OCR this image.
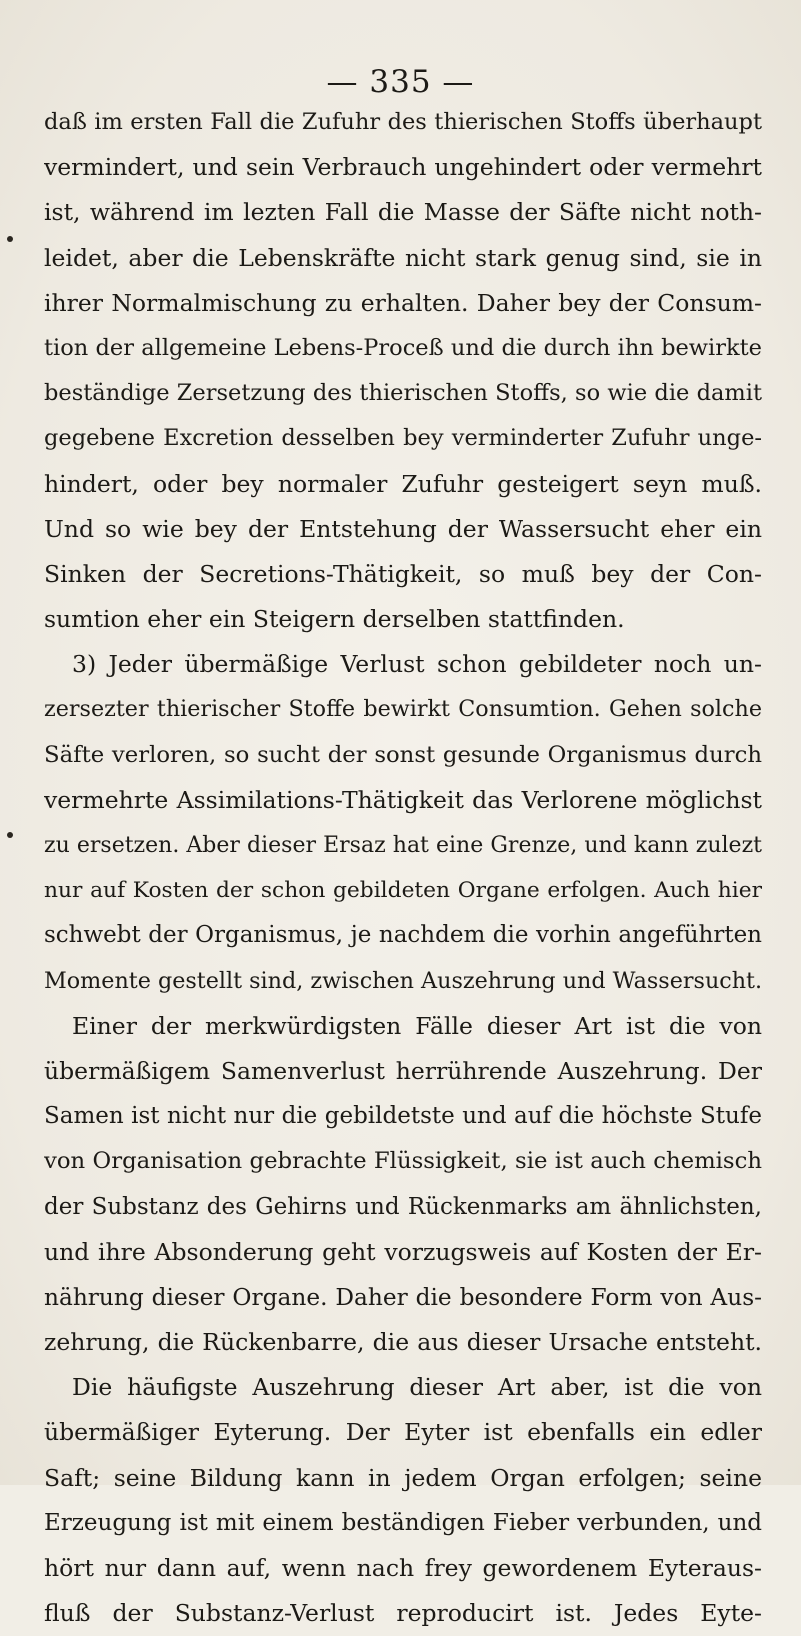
— 335 —
daß im ersten Fall die Zufuhr des thierischen Stoffs überhaupt
vermindert, und sein Verbrauch ungehindert oder vermehrt
ist, während im lezten Fall die Masse der Säfte nicht noth-
leidet, aber die Lebenskräfte nicht stark genug sind, sie in
ihrer Normalmischung zu erhalten. Daher bey der Consum-
tion der allgemeine Lebens-Proceß und die durch ihn bewirkte
beständige Zersetzung des thierischen Stoffs, so wie die damit
gegebene Excretion desselben bey verminderter Zufuhr unge-
hindert, oder bey normaler Zufuhr gesteigert seyn muß.
Und so wie bey der Entstehung der Wassersucht eher ein
Sinken der Secretions-Thätigkeit, so muß bey der Con-
sumtion eher ein Steigern derselben stattfinden.
3) Jeder übermäßige Verlust schon gebildeter noch un-
zersezter thierischer Stoffe bewirkt Consumtion. Gehen solche
Säfte verloren, so sucht der sonst gesunde Organismus durch
vermehrte Assimilations-Thätigkeit das Verlorene möglichst
zu ersetzen. Aber dieser Ersaz hat eine Grenze, und kann zulezt
nur auf Kosten der schon gebildeten Organe erfolgen. Auch hier
schwebt der Organismus, je nachdem die vorhin angeführten
Momente gestellt sind, zwischen Auszehrung und Wassersucht.
Einer der merkwürdigsten Fälle dieser Art ist die von
übermäßigem Samenverlust herrührende Auszehrung. Der
Samen ist nicht nur die gebildetste und auf die höchste Stufe
von Organisation gebrachte Flüssigkeit, sie ist auch chemisch
der Substanz des Gehirns und Rückenmarks am ähnlichsten,
und ihre Absonderung geht vorzugsweis auf Kosten der Er-
nährung dieser Organe. Daher die besondere Form von Aus-
zehrung, die Rückenbarre, die aus dieser Ursache entsteht.
Die häufigste Auszehrung dieser Art aber, ist die von
übermäßiger Eyterung. Der Eyter ist ebenfalls ein edler
Saft; seine Bildung kann in jedem Organ erfolgen; seine
Erzeugung ist mit einem beständigen Fieber verbunden, und
hört nur dann auf, wenn nach frey gewordenem Eyteraus-
fluß der Substanz-Verlust reproducirt ist. Jedes Eyte-
